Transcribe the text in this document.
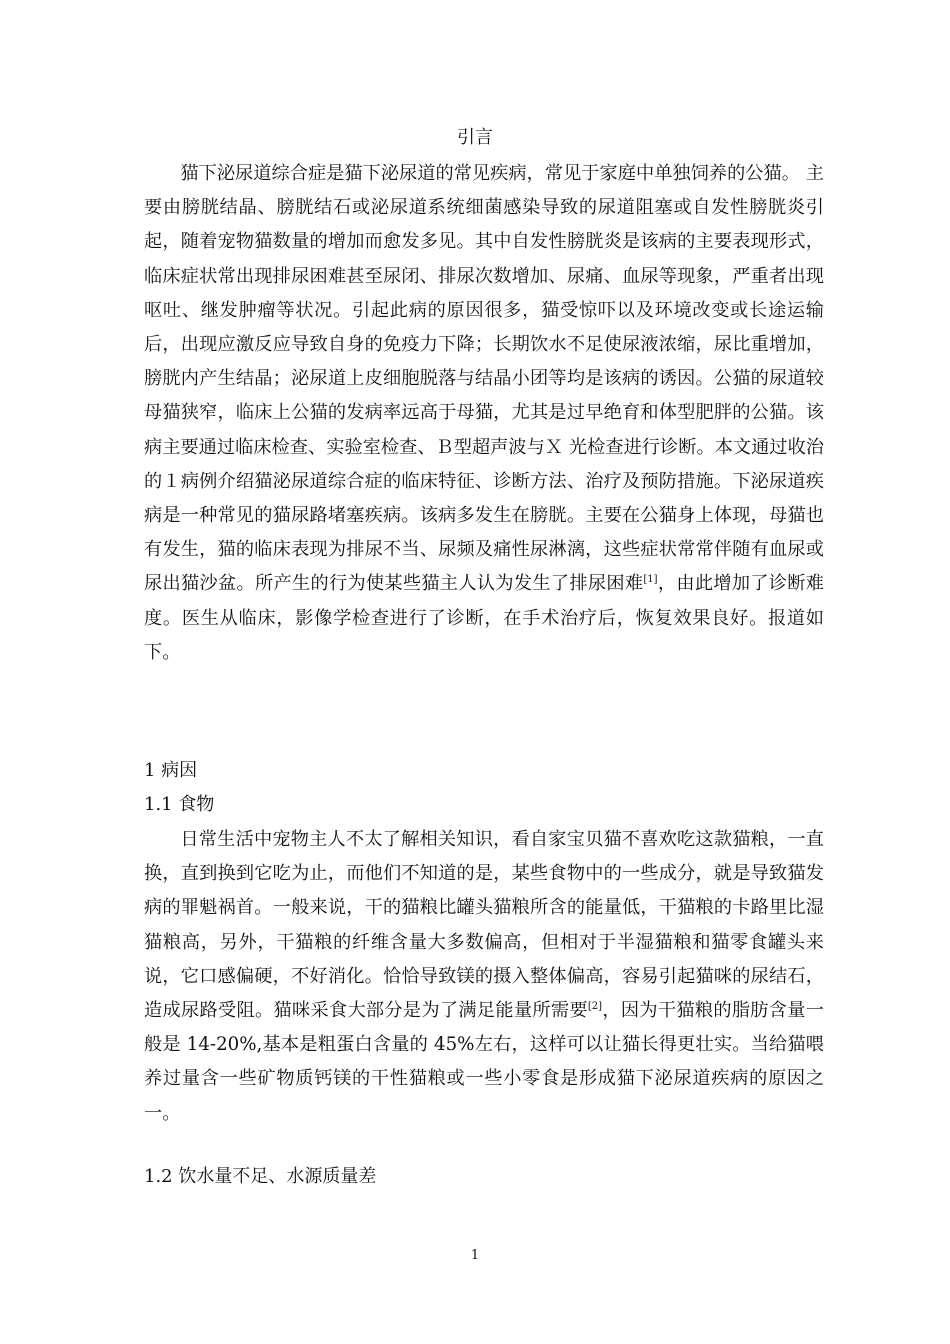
引言

猫下泌尿道综合症是猫下泌尿道的常见疾病，常见于家庭中单独饲养的公猫。 主要由膀胱结晶、膀胱结石或泌尿道系统细菌感染导致的尿道阻塞或自发性膀胱炎引起，随着宠物猫数量的增加而愈发多见。其中自发性膀胱炎是该病的主要表现形式，临床症状常出现排尿困难甚至尿闭、排尿次数增加、尿痛、血尿等现象，严重者出现呕吐、继发肿瘤等状况。引起此病的原因很多，猫受惊吓以及环境改变或长途运输后，出现应激反应导致自身的免疫力下降；长期饮水不足使尿液浓缩，尿比重增加，膀胱内产生结晶；泌尿道上皮细胞脱落与结晶小团等均是该病的诱因。公猫的尿道较母猫狭窄，临床上公猫的发病率远高于母猫，尤其是过早绝育和体型肥胖的公猫。该病主要通过临床检查、实验室检查、Ｂ型超声波与Ｘ 光检查进行诊断。本文通过收治的１病例介绍猫泌尿道综合症的临床特征、诊断方法、治疗及预防措施。下泌尿道疾病是一种常见的猫尿路堵塞疾病。该病多发生在膀胱。主要在公猫身上体现，母猫也有发生，猫的临床表现为排尿不当、尿频及痛性尿淋漓，这些症状常常伴随有血尿或尿出猫沙盆。所产生的行为使某些猫主人认为发生了排尿困难[1]，由此增加了诊断难度。医生从临床，影像学检查进行了诊断，在手术治疗后，恢复效果良好。报道如下。

1 病因
1.1 食物

日常生活中宠物主人不太了解相关知识，看自家宝贝猫不喜欢吃这款猫粮，一直换，直到换到它吃为止，而他们不知道的是，某些食物中的一些成分，就是导致猫发病的罪魁祸首。一般来说，干的猫粮比罐头猫粮所含的能量低，干猫粮的卡路里比湿猫粮高，另外，干猫粮的纤维含量大多数偏高，但相对于半湿猫粮和猫零食罐头来说，它口感偏硬，不好消化。恰恰导致镁的摄入整体偏高，容易引起猫咪的尿结石，造成尿路受阻。猫咪采食大部分是为了满足能量所需要[2]，因为干猫粮的脂肪含量一般是 14-20%,基本是粗蛋白含量的 45%左右，这样可以让猫长得更壮实。当给猫喂养过量含一些矿物质钙镁的干性猫粮或一些小零食是形成猫下泌尿道疾病的原因之一。

1.2 饮水量不足、水源质量差
1
